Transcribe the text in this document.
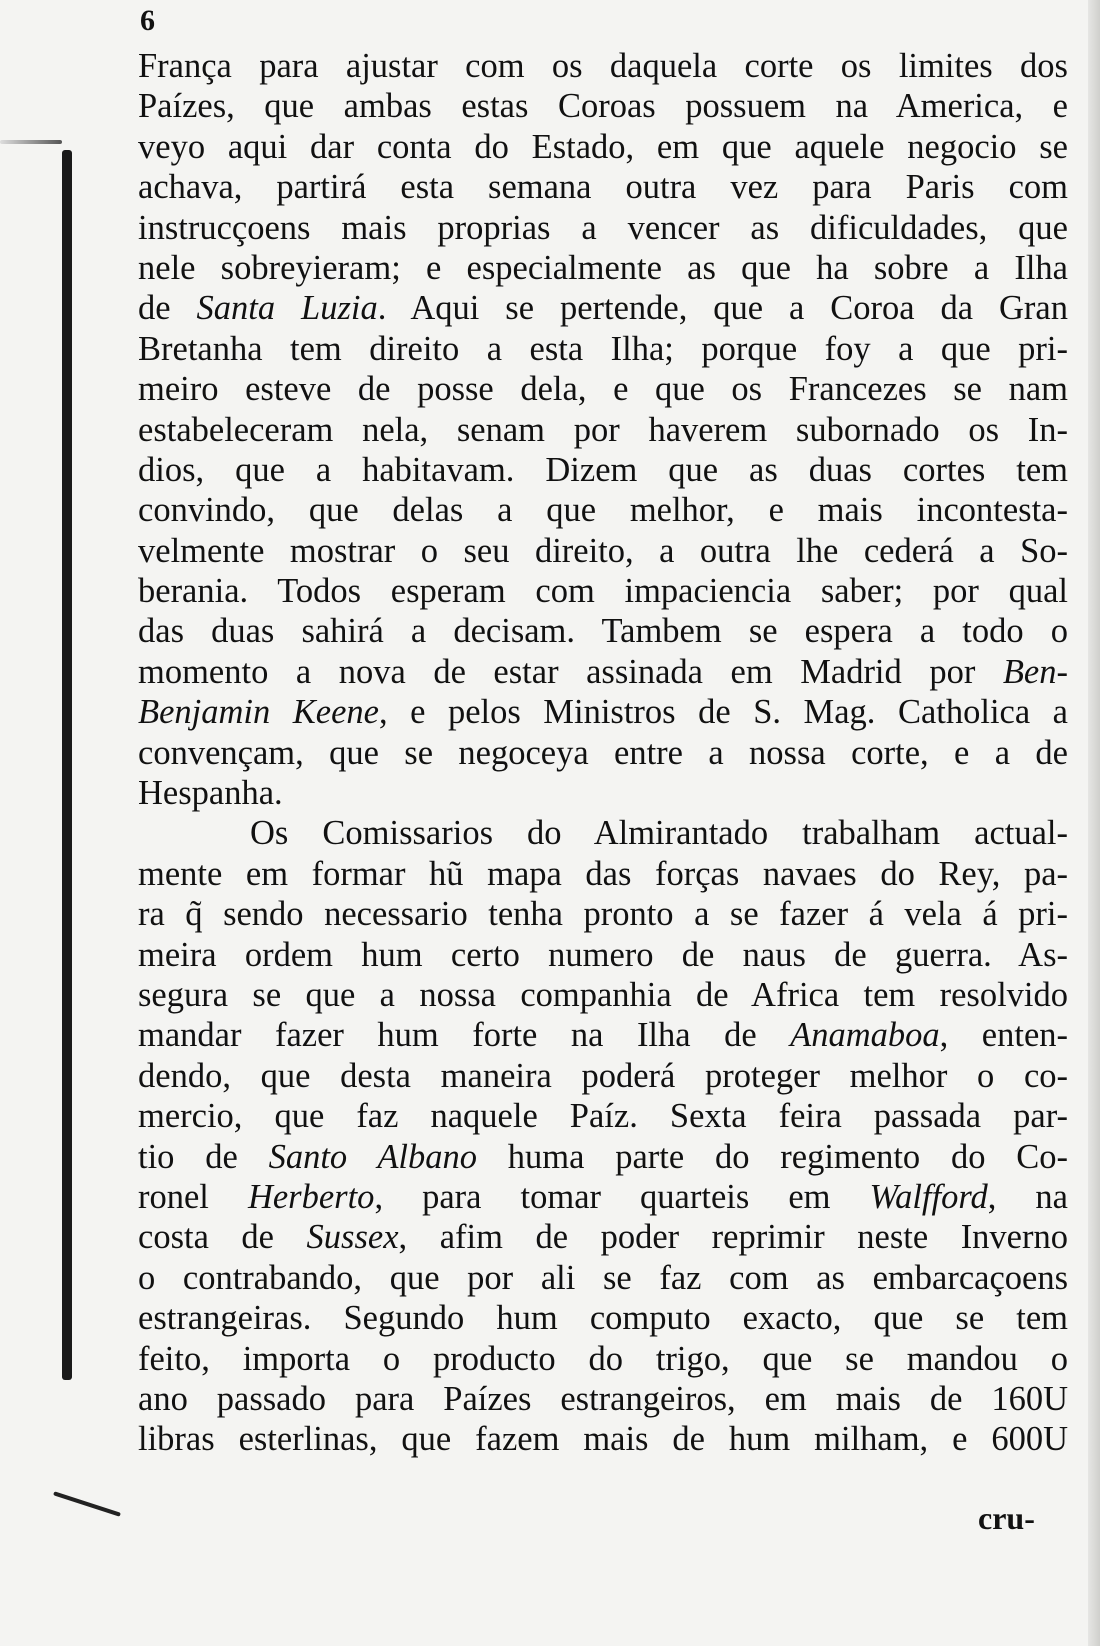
6
França para ajustar com os daquela corte os limites dos
Paízes, que ambas estas Coroas possuem na America, e
veyo aqui dar conta do Estado, em que aquele negocio se
achava, partirá esta semana outra vez para Paris com
instrucçoens mais proprias a vencer as dificuldades, que
nele sobreyieram; e especialmente as que ha sobre a Ilha
de Santa Luzia. Aqui se pertende, que a Coroa da Gran
Bretanha tem direito a esta Ilha; porque foy a que pri-
meiro esteve de posse dela, e que os Francezes se nam
estabeleceram nela, senam por haverem subornado os In-
dios, que a habitavam. Dizem que as duas cortes tem
convindo, que delas a que melhor, e mais incontesta-
velmente mostrar o seu direito, a outra lhe cederá a So-
berania. Todos esperam com impaciencia saber; por qual
das duas sahirá a decisam. Tambem se espera a todo o
momento a nova de estar assinada em Madrid por Ben-
Benjamin Keene, e pelos Ministros de S. Mag. Catholica a
convençam, que se negoceya entre a nossa corte, e a de
Hespanha.
Os Comissarios do Almirantado trabalham actual-
mente em formar hũ mapa das forças navaes do Rey, pa-
ra q̃ sendo necessario tenha pronto a se fazer á vela á pri-
meira ordem hum certo numero de naus de guerra. As-
segura se que a nossa companhia de Africa tem resolvido
mandar fazer hum forte na Ilha de Anamaboa, enten-
dendo, que desta maneira poderá proteger melhor o co-
mercio, que faz naquele Paíz. Sexta feira passada par-
tio de Santo Albano huma parte do regimento do Co-
ronel Herberto, para tomar quarteis em Walfford, na
costa de Sussex, afim de poder reprimir neste Inverno
o contrabando, que por ali se faz com as embarcaçoens
estrangeiras. Segundo hum computo exacto, que se tem
feito, importa o producto do trigo, que se mandou o
ano passado para Paízes estrangeiros, em mais de 160U
libras esterlinas, que fazem mais de hum milham, e 600U
cru-
